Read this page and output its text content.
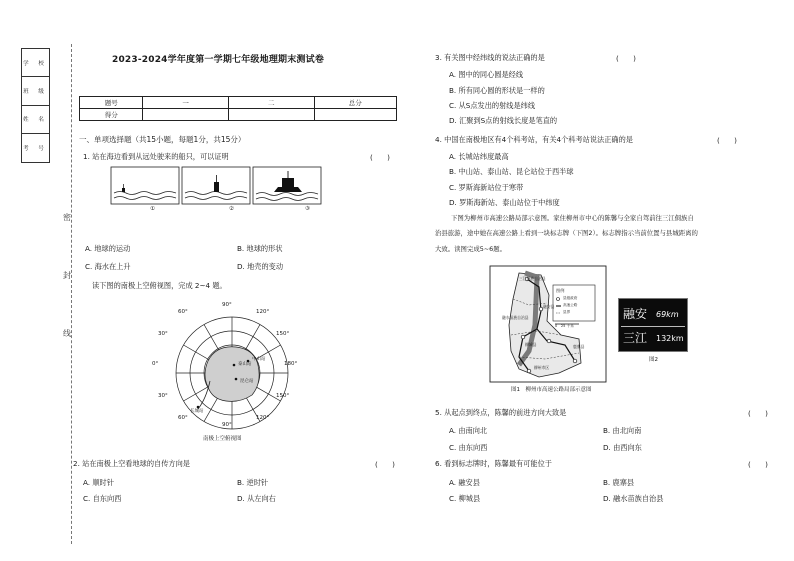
学 校
班 级
姓 名
考 号
密
封
线
2023-2024学年度第一学期七年级地理期末测试卷
题号	一	二	总分
得分			
一、单项选择题（共15小题，每题1分，共15分）
1. 站在海边看到从远处驶来的船只，可以证明	(　　)
①	②	③
A. 地球的运动	B. 地球的形状
C. 海水在上升	D. 地壳的变动
读下图的南极上空俯视图，完成 2~4 题。
90°
120°
60°
150°
30°
180°
0°
150°
30°
120°
60°
90°
中山站
泰山站
昆仑站
长城站
南极上空俯视图
2. 站在南极上空看地球的自传方向是	(　　)
A. 顺时针	B. 逆时针
C. 自东向西	D. 从左向右
3. 有关图中经纬线的说法正确的是	(　　)
A. 图中的同心圆是经线
B. 所有同心圆的形状是一样的
C. 从S点发出的射线是纬线
D. 汇聚到S点的射线长度是笔直的
4. 中国在南极地区有4个科考站，有关4个科考站说法正确的是	(　　)
A. 长城站纬度最高
B. 中山站、泰山站、昆仑站位于西半球
C. 罗斯海新站位于寒带
D. 罗斯海新站、泰山站位于中纬度
下图为柳州市高速公路局部示意图。家住柳州市中心的陈馨与全家自驾前往三江侗族自
治县旅游，途中她在高速公路上看到一块标志牌（下图2）。标志牌指示当前位置与县城距离的
大致。读图完成5~6题。
三江侗族自治县
融安县
融水苗族自治县
鹿寨县
柳城县
柳州市区
图例
县级政府
高速公路
县界
0　25 千米
图1　柳州市高速公路局部示意图
融安 69km
三江 132km
图2
5. 从起点到终点，陈馨的前进方向大致是	(　　)
A. 由南向北	B. 由北向南
C. 由东向西	D. 由西向东
6. 看到标志牌时，陈馨最有可能位于	(　　)
A. 融安县	B. 鹿寨县
C. 柳城县	D. 融水苗族自治县
